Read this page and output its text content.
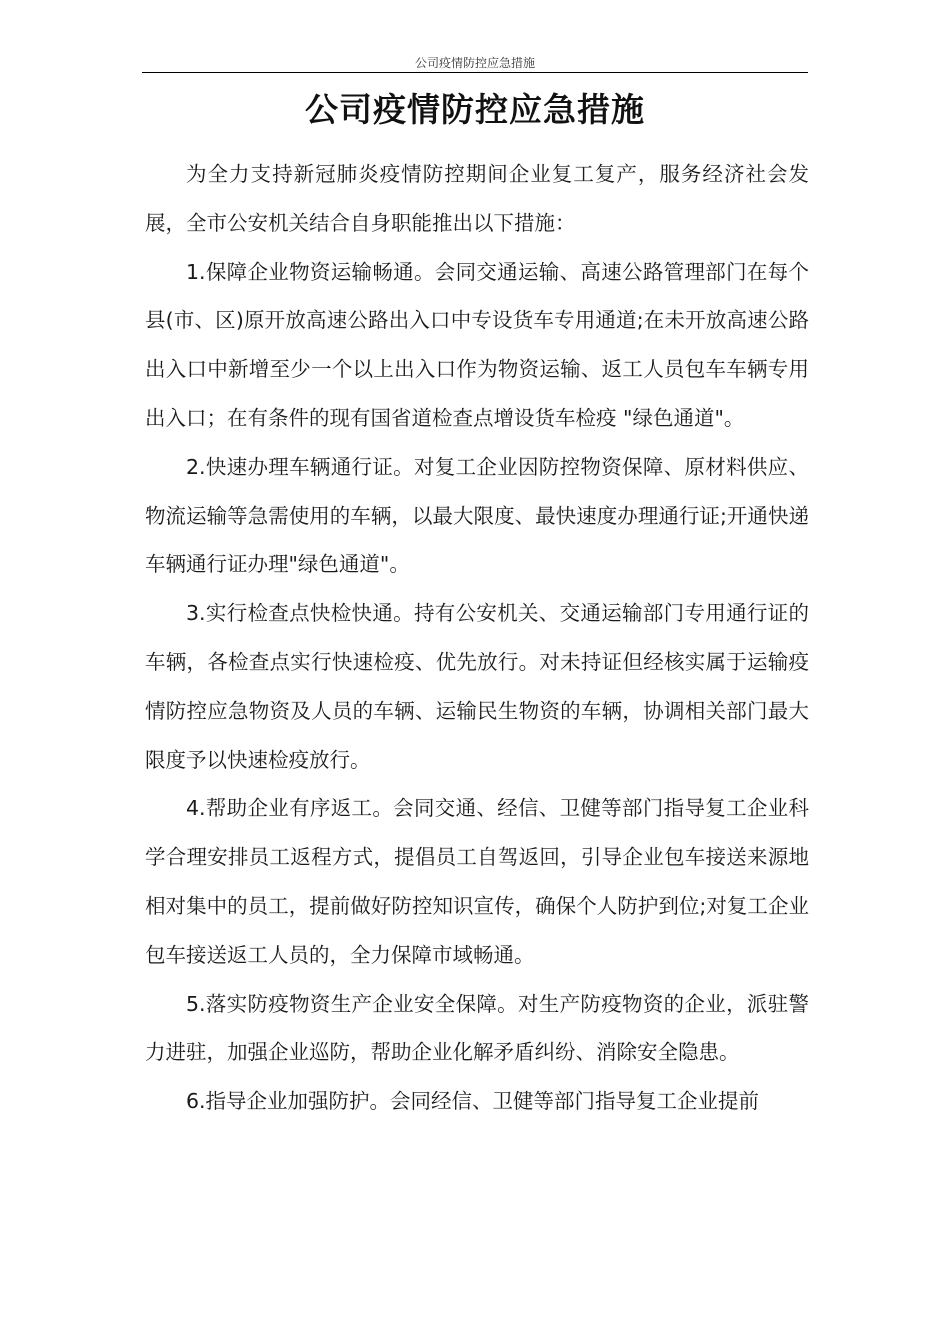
公司疫情防控应急措施
公司疫情防控应急措施

为全力支持新冠肺炎疫情防控期间企业复工复产，服务经济社会发展，全市公安机关结合自身职能推出以下措施：

1.保障企业物资运输畅通。会同交通运输、高速公路管理部门在每个县(市、区)原开放高速公路出入口中专设货车专用通道;在未开放高速公路出入口中新增至少一个以上出入口作为物资运输、返工人员包车车辆专用出入口；在有条件的现有国省道检查点增设货车检疫 "绿色通道"。

2.快速办理车辆通行证。对复工企业因防控物资保障、原材料供应、物流运输等急需使用的车辆，以最大限度、最快速度办理通行证;开通快递车辆通行证办理"绿色通道"。

3.实行检查点快检快通。持有公安机关、交通运输部门专用通行证的车辆，各检查点实行快速检疫、优先放行。对未持证但经核实属于运输疫情防控应急物资及人员的车辆、运输民生物资的车辆，协调相关部门最大限度予以快速检疫放行。

4.帮助企业有序返工。会同交通、经信、卫健等部门指导复工企业科学合理安排员工返程方式，提倡员工自驾返回，引导企业包车接送来源地相对集中的员工，提前做好防控知识宣传，确保个人防护到位;对复工企业包车接送返工人员的，全力保障市域畅通。

5.落实防疫物资生产企业安全保障。对生产防疫物资的企业，派驻警力进驻，加强企业巡防，帮助企业化解矛盾纠纷、消除安全隐患。

6.指导企业加强防护。会同经信、卫健等部门指导复工企业提前
